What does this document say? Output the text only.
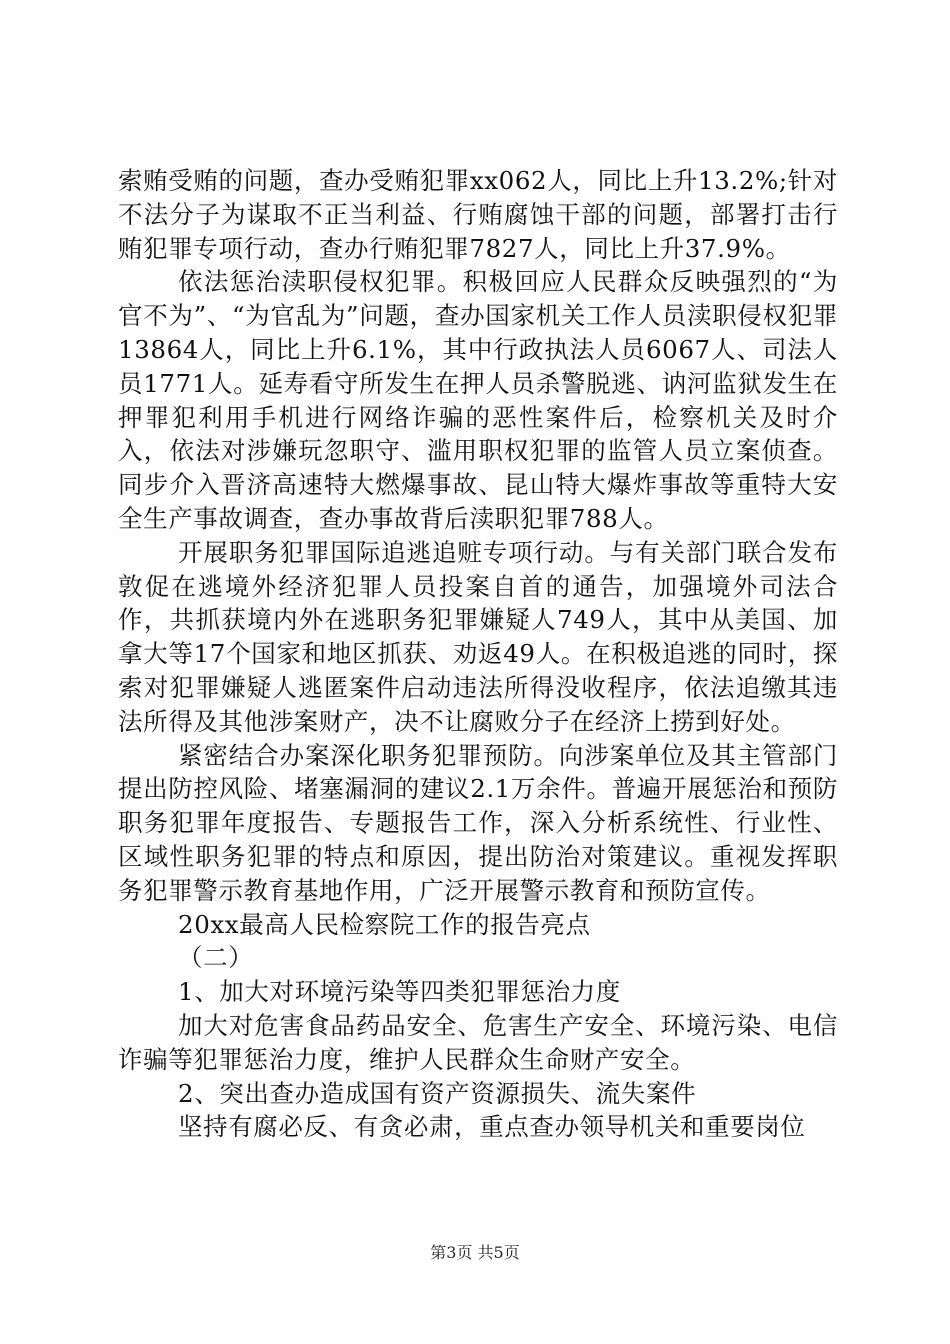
索贿受贿的问题，查办受贿犯罪xx062人，同比上升13.2%;针对不法分子为谋取不正当利益、行贿腐蚀干部的问题，部署打击行贿犯罪专项行动，查办行贿犯罪7827人，同比上升37.9%。

依法惩治渎职侵权犯罪。积极回应人民群众反映强烈的“为官不为”、“为官乱为”问题，查办国家机关工作人员渎职侵权犯罪13864人，同比上升6.1%，其中行政执法人员6067人、司法人员1771人。延寿看守所发生在押人员杀警脱逃、讷河监狱发生在押罪犯利用手机进行网络诈骗的恶性案件后，检察机关及时介入，依法对涉嫌玩忽职守、滥用职权犯罪的监管人员立案侦查。同步介入晋济高速特大燃爆事故、昆山特大爆炸事故等重特大安全生产事故调查，查办事故背后渎职犯罪788人。

开展职务犯罪国际追逃追赃专项行动。与有关部门联合发布敦促在逃境外经济犯罪人员投案自首的通告，加强境外司法合作，共抓获境内外在逃职务犯罪嫌疑人749人，其中从美国、加拿大等17个国家和地区抓获、劝返49人。在积极追逃的同时，探索对犯罪嫌疑人逃匿案件启动违法所得没收程序，依法追缴其违法所得及其他涉案财产，决不让腐败分子在经济上捞到好处。

紧密结合办案深化职务犯罪预防。向涉案单位及其主管部门提出防控风险、堵塞漏洞的建议2.1万余件。普遍开展惩治和预防职务犯罪年度报告、专题报告工作，深入分析系统性、行业性、区域性职务犯罪的特点和原因，提出防治对策建议。重视发挥职务犯罪警示教育基地作用，广泛开展警示教育和预防宣传。

20xx最高人民检察院工作的报告亮点

（二）

1、加大对环境污染等四类犯罪惩治力度

加大对危害食品药品安全、危害生产安全、环境污染、电信诈骗等犯罪惩治力度，维护人民群众生命财产安全。

2、突出查办造成国有资产资源损失、流失案件

坚持有腐必反、有贪必肃，重点查办领导机关和重要岗位

第3页 共5页
